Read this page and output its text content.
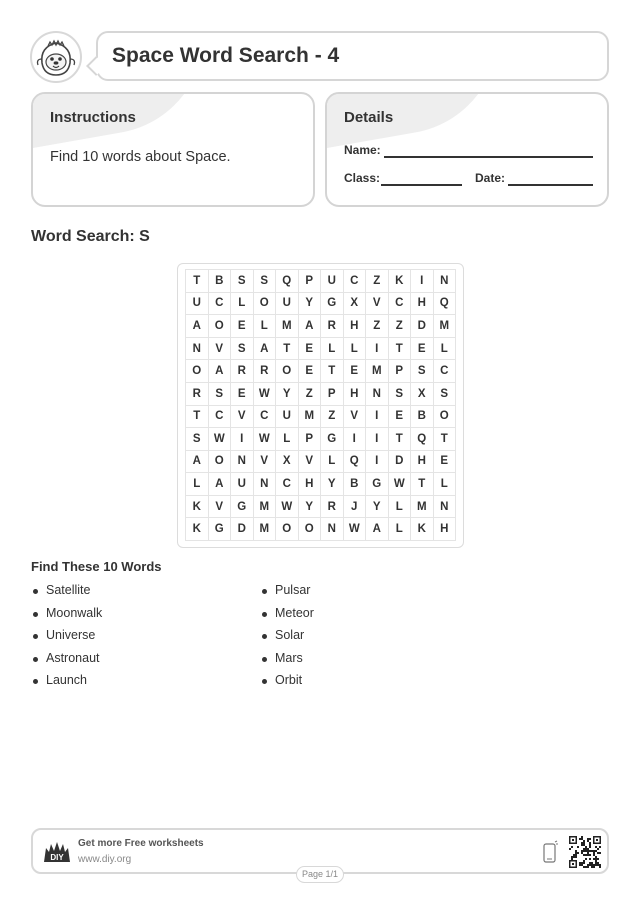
Space Word Search - 4
Instructions
Find 10 words about Space.
Details
Name:
Class:	Date:
Word Search: S
T	B	S	S	Q	P	U	C	Z	K	I	N
U	C	L	O	U	Y	G	X	V	C	H	Q
A	O	E	L	M	A	R	H	Z	Z	D	M
N	V	S	A	T	E	L	L	I	T	E	L
O	A	R	R	O	E	T	E	M	P	S	C
R	S	E	W	Y	Z	P	H	N	S	X	S
T	C	V	C	U	M	Z	V	I	E	B	O
S	W	I	W	L	P	G	I	I	T	Q	T
A	O	N	V	X	V	L	Q	I	D	H	E
L	A	U	N	C	H	Y	B	G	W	T	L
K	V	G	M	W	Y	R	J	Y	L	M	N
K	G	D	M	O	O	N	W	A	L	K	H
Find These 10 Words
Satellite
Moonwalk
Universe
Astronaut
Launch
Pulsar
Meteor
Solar
Mars
Orbit
DIY
Get more Free worksheets
www.diy.org
Page 1/1
